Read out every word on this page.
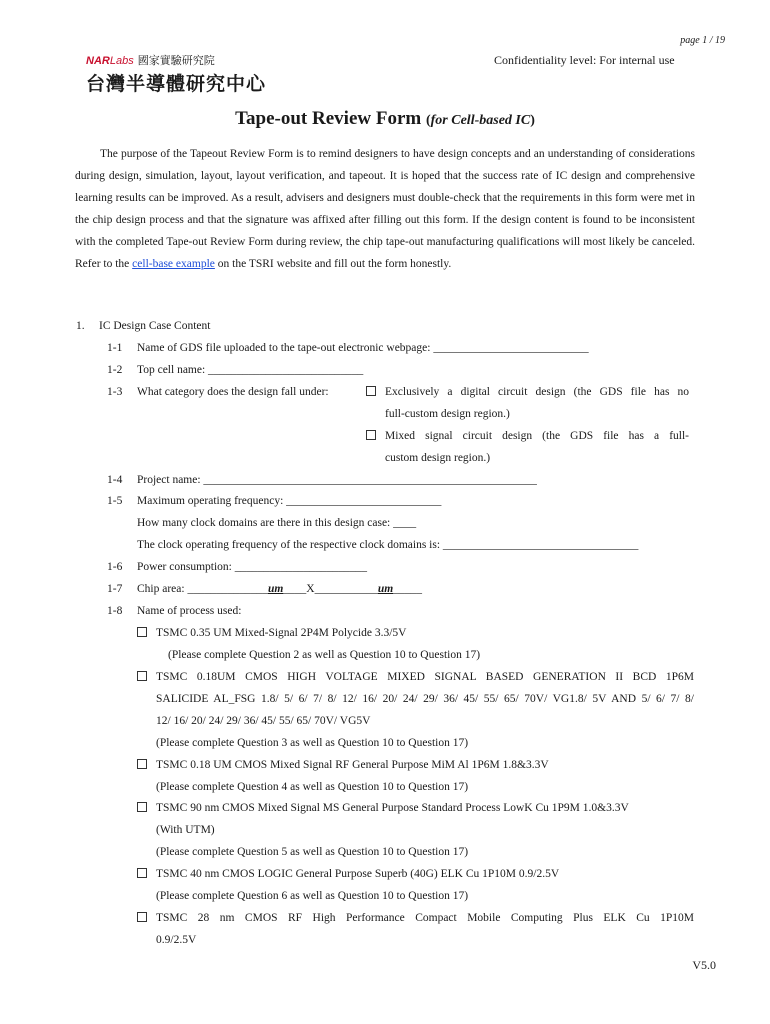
page 1 / 19
NARLabs 國家實驗研究院
台灣半導體研究中心
Confidentiality level: For internal use
Tape-out Review Form (for Cell-based IC)
The purpose of the Tapeout Review Form is to remind designers to have design concepts and an understanding of considerations during design, simulation, layout, layout verification, and tapeout. It is hoped that the success rate of IC design and comprehensive learning results can be improved. As a result, advisers and designers must double-check that the requirements in this form were met in the chip design process and that the signature was affixed after filling out this form. If the design content is found to be inconsistent with the completed Tape-out Review Form during review, the chip tape-out manufacturing qualifications will most likely be canceled. Refer to the cell-base example on the TSRI website and fill out the form honestly.
1. IC Design Case Content
1-1 Name of GDS file uploaded to the tape-out electronic webpage: ___________________________
1-2 Top cell name: ___________________________
1-3 What category does the design fall under:	Exclusively a digital circuit design (the GDS file has no
full-custom design region.)
Mixed signal circuit design (the GDS file has a full-
custom design region.)
1-4 Project name: __________________________________________________________
1-5 Maximum operating frequency: ___________________________
How many clock domains are there in this design case: ____
The clock operating frequency of the respective clock domains is: __________________________________
1-6 Power consumption: _______________________
1-7 Chip area: ______________um____X___________um_____
1-8 Name of process used:
TSMC 0.35 UM Mixed-Signal 2P4M Polycide 3.3/5V
(Please complete Question 2 as well as Question 10 to Question 17)
TSMC 0.18UM CMOS HIGH VOLTAGE MIXED SIGNAL BASED GENERATION II BCD 1P6M
SALICIDE AL_FSG 1.8/ 5/ 6/ 7/ 8/ 12/ 16/ 20/ 24/ 29/ 36/ 45/ 55/ 65/ 70V/ VG1.8/ 5V AND 5/ 6/ 7/ 8/
12/ 16/ 20/ 24/ 29/ 36/ 45/ 55/ 65/ 70V/ VG5V
(Please complete Question 3 as well as Question 10 to Question 17)
TSMC 0.18 UM CMOS Mixed Signal RF General Purpose MiM Al 1P6M 1.8&3.3V
(Please complete Question 4 as well as Question 10 to Question 17)
TSMC 90 nm CMOS Mixed Signal MS General Purpose Standard Process LowK Cu 1P9M 1.0&3.3V
(With UTM)
(Please complete Question 5 as well as Question 10 to Question 17)
TSMC 40 nm CMOS LOGIC General Purpose Superb (40G) ELK Cu 1P10M 0.9/2.5V
(Please complete Question 6 as well as Question 10 to Question 17)
TSMC 28 nm CMOS RF High Performance Compact Mobile Computing Plus ELK Cu 1P10M
0.9/2.5V
V5.0
